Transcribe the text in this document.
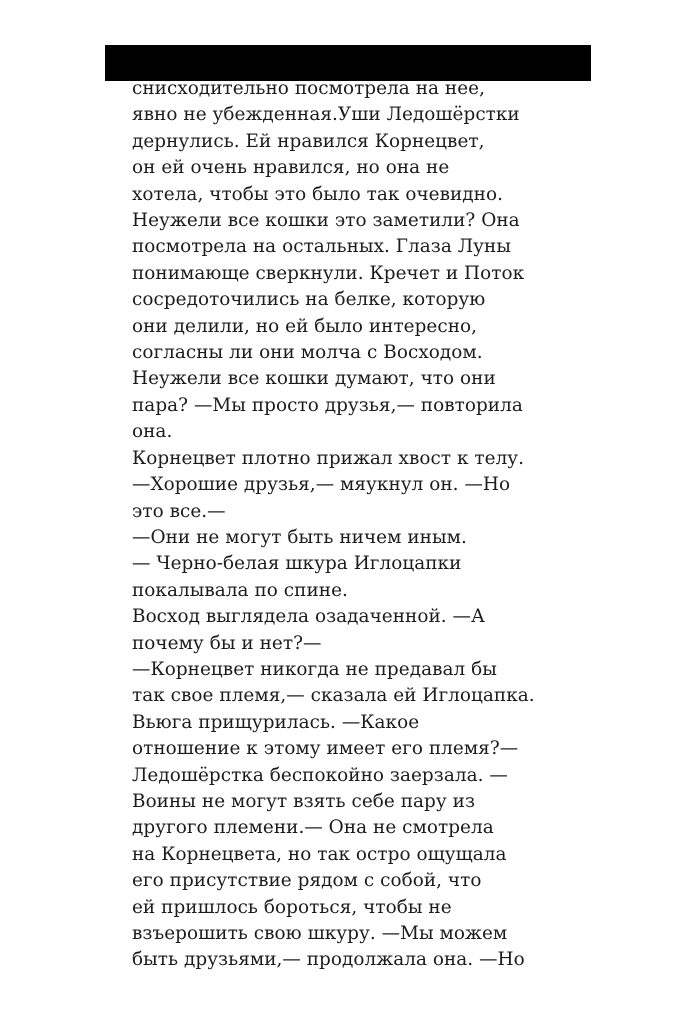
снисходительно посмотрела на нее,
явно не убежденная.Уши Ледошёрстки
дернулись. Ей нравился Корнецвет,
он ей очень нравился, но она не
хотела, чтобы это было так очевидно.
Неужели все кошки это заметили? Она
посмотрела на остальных. Глаза Луны
понимающе сверкнули. Кречет и Поток
сосредоточились на белке, которую
они делили, но ей было интересно,
согласны ли они молча с Восходом.
Неужели все кошки думают, что они
пара? —Мы просто друзья,— повторила
она.
Корнецвет плотно прижал хвост к телу.
—Хорошие друзья,— мяукнул он. —Но
это все.—
—Они не могут быть ничем иным.
— Черно-белая шкура Иглоцапки
покалывала по спине.
Восход выглядела озадаченной. —А
почему бы и нет?—
—Корнецвет никогда не предавал бы
так свое племя,— сказала ей Иглоцапка.
Вьюга прищурилась. —Какое
отношение к этому имеет его племя?—
Ледошёрстка беспокойно заерзала. —
Воины не могут взять себе пару из
другого племени.— Она не смотрела
на Корнецвета, но так остро ощущала
его присутствие рядом с собой, что
ей пришлось бороться, чтобы не
взъерошить свою шкуру. —Мы можем
быть друзьями,— продолжала она. —Но
